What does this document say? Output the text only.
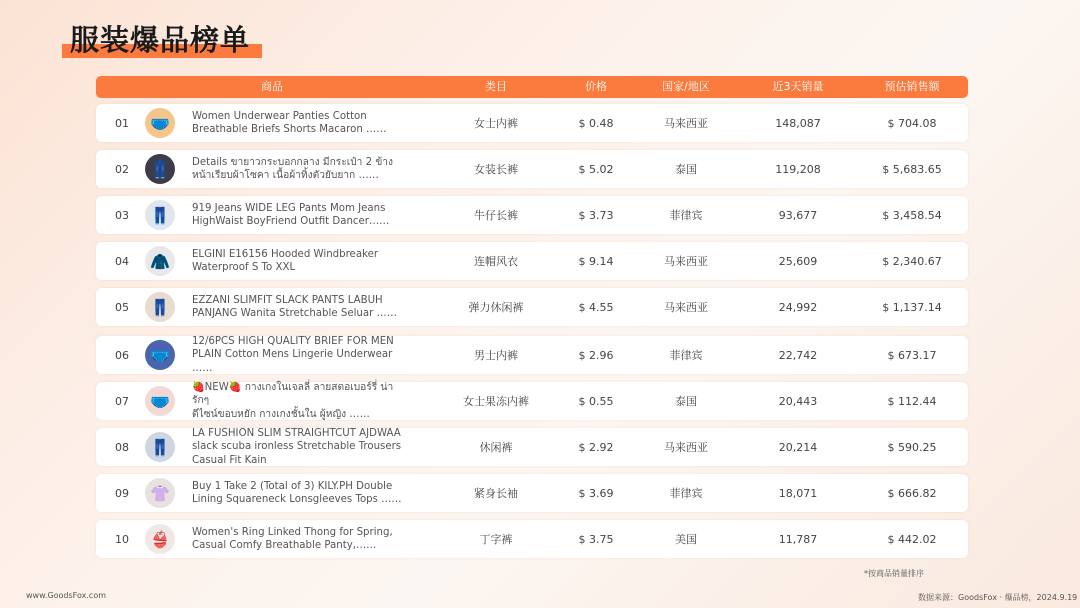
服装爆品榜单
商品	类目	价格	国家/地区	近3天销量	预估销售额
01	🩲 Women Underwear Panties Cotton
Breathable Briefs Shorts Macaron ……	女士内裤	$ 0.48	马来西亚	148,087	$ 704.08
02	👖 Details ขายาวกระบอกกลาง มีกระเป๋า 2 ข้าง
หน้าเรียบผ้าโซคา เนื้อผ้าทิ้งตัวยับยาก ……	女装长裤	$ 5.02	泰国	119,208	$ 5,683.65
03	👖 919 Jeans WIDE LEG Pants Mom Jeans
HighWaist BoyFriend Outfit Dancer……	牛仔长裤	$ 3.73	菲律宾	93,677	$ 3,458.54
04	🧥 ELGINI E16156 Hooded Windbreaker
Waterproof S To XXL	连帽风衣	$ 9.14	马来西亚	25,609	$ 2,340.67
05	👖 EZZANI SLIMFIT SLACK PANTS LABUH
PANJANG Wanita Stretchable Seluar ……	弹力休闲裤	$ 4.55	马来西亚	24,992	$ 1,137.14
06	🩲
12/6PCS HIGH QUALITY BRIEF FOR MEN
PLAIN Cotton Mens Lingerie Underwear ……
男士内裤	$ 2.96	菲律宾	22,742	$ 673.17
07	🩲
🍓NEW🍓 กางเกงในเจลลี่ ลายสตอเบอร์รี่ น่ารักๆ
ดีไซน์ขอบหยัก กางเกงชั้นใน ผู้หญิง ……
女士果冻内裤	$ 0.55	泰国	20,443	$ 112.44
08	👖
LA FUSHION SLIM STRAIGHTCUT AJDWAA
slack scuba ironless Stretchable Trousers
Casual Fit Kain
休闲裤	$ 2.92	马来西亚	20,214	$ 590.25
09	👚 Buy 1 Take 2 (Total of 3) KILY.PH Double
Lining Squareneck Lonsgleeves Tops ……	紧身长袖	$ 3.69	菲律宾	18,071	$ 666.82
10	👙 Women's Ring Linked Thong for Spring,
Casual Comfy Breathable Panty,……	丁字裤	$ 3.75	美国	11,787	$ 442.02
*按商品销量排序
www.GoodsFox.com	数据来源：GoodsFox · 爆品榜，2024.9.19
